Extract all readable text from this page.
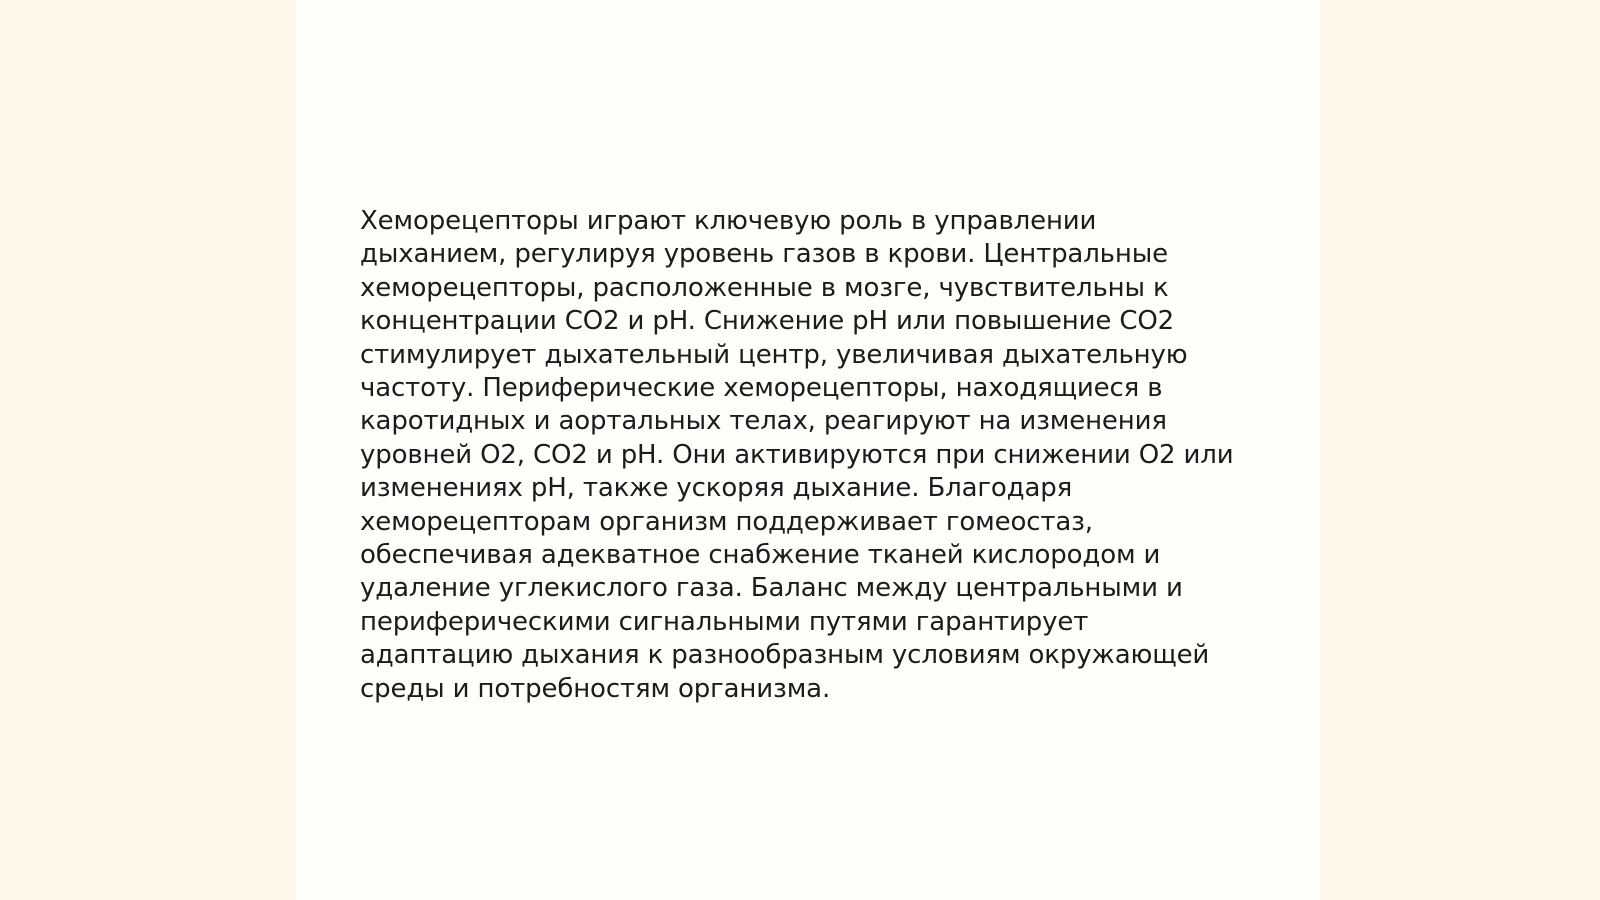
Хеморецепторы играют ключевую роль в управлении
дыханием, регулируя уровень газов в крови. Центральные
хеморецепторы, расположенные в мозге, чувствительны к
концентрации CO2 и pH. Снижение pH или повышение CO2
стимулирует дыхательный центр, увеличивая дыхательную
частоту. Периферические хеморецепторы, находящиеся в
каротидных и аортальных телах, реагируют на изменения
уровней O2, CO2 и pH. Они активируются при снижении O2 или
изменениях pH, также ускоряя дыхание. Благодаря
хеморецепторам организм поддерживает гомеостаз,
обеспечивая адекватное снабжение тканей кислородом и
удаление углекислого газа. Баланс между центральными и
периферическими сигнальными путями гарантирует
адаптацию дыхания к разнообразным условиям окружающей
среды и потребностям организма.
